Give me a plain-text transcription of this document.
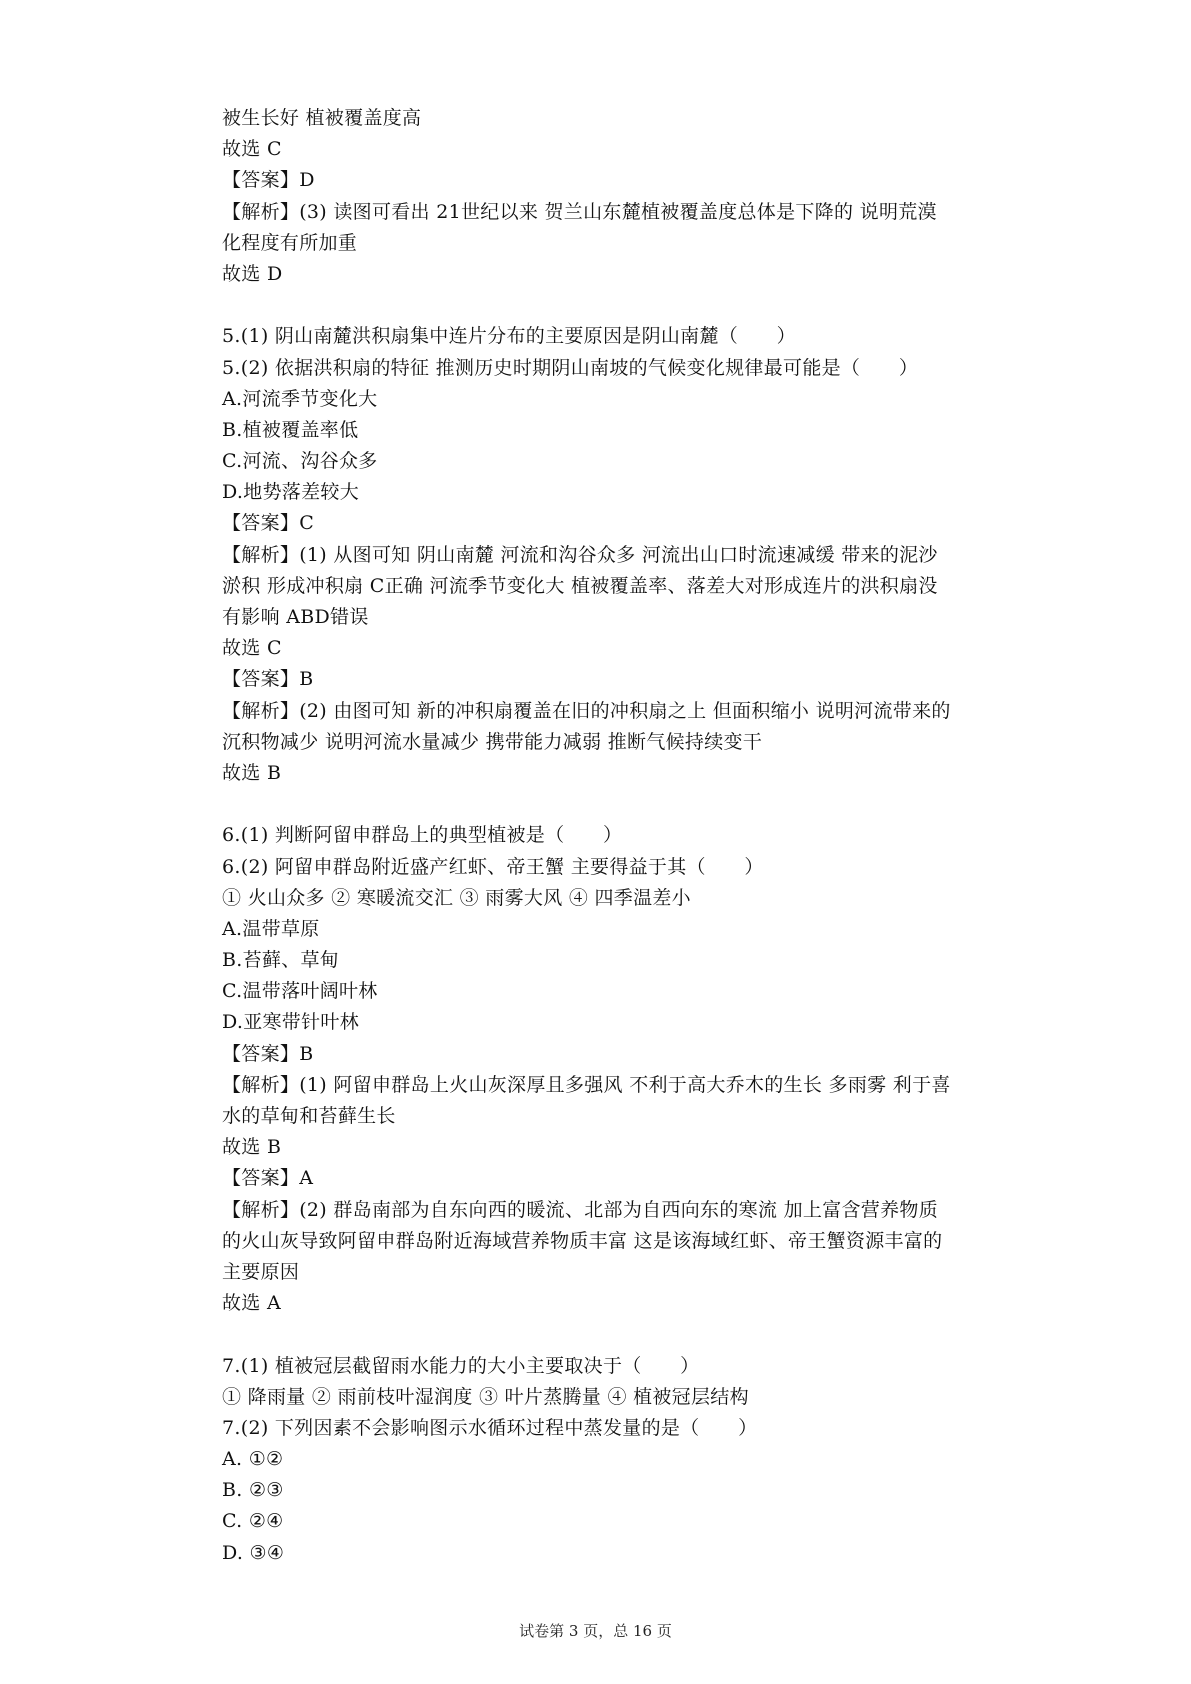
被生长好 植被覆盖度高
故选 C
【答案】D
【解析】(3) 读图可看出 21世纪以来 贺兰山东麓植被覆盖度总体是下降的 说明荒漠
化程度有所加重
故选 D
5.(1) 阴山南麓洪积扇集中连片分布的主要原因是阴山南麓（　　）
5.(2) 依据洪积扇的特征 推测历史时期阴山南坡的气候变化规律最可能是（　　）
A.河流季节变化大
B.植被覆盖率低
C.河流、沟谷众多
D.地势落差较大
【答案】C
【解析】(1) 从图可知 阴山南麓 河流和沟谷众多 河流出山口时流速减缓 带来的泥沙
淤积 形成冲积扇 C正确 河流季节变化大 植被覆盖率、落差大对形成连片的洪积扇没
有影响 ABD错误
故选 C
【答案】B
【解析】(2) 由图可知 新的冲积扇覆盖在旧的冲积扇之上 但面积缩小 说明河流带来的
沉积物减少 说明河流水量减少 携带能力减弱 推断气候持续变干
故选 B
6.(1) 判断阿留申群岛上的典型植被是（　　）
6.(2) 阿留申群岛附近盛产红虾、帝王蟹 主要得益于其（　　）
① 火山众多 ② 寒暖流交汇 ③ 雨雾大风 ④ 四季温差小
A.温带草原
B.苔藓、草甸
C.温带落叶阔叶林
D.亚寒带针叶林
【答案】B
【解析】(1) 阿留申群岛上火山灰深厚且多强风 不利于高大乔木的生长 多雨雾 利于喜
水的草甸和苔藓生长
故选 B
【答案】A
【解析】(2) 群岛南部为自东向西的暖流、北部为自西向东的寒流 加上富含营养物质
的火山灰导致阿留申群岛附近海域营养物质丰富 这是该海域红虾、帝王蟹资源丰富的
主要原因
故选 A
7.(1) 植被冠层截留雨水能力的大小主要取决于（　　）
① 降雨量 ② 雨前枝叶湿润度 ③ 叶片蒸腾量 ④ 植被冠层结构
7.(2) 下列因素不会影响图示水循环过程中蒸发量的是（　　）
A. ①②
B. ②③
C. ②④
D. ③④
试卷第 3 页，总 16 页
